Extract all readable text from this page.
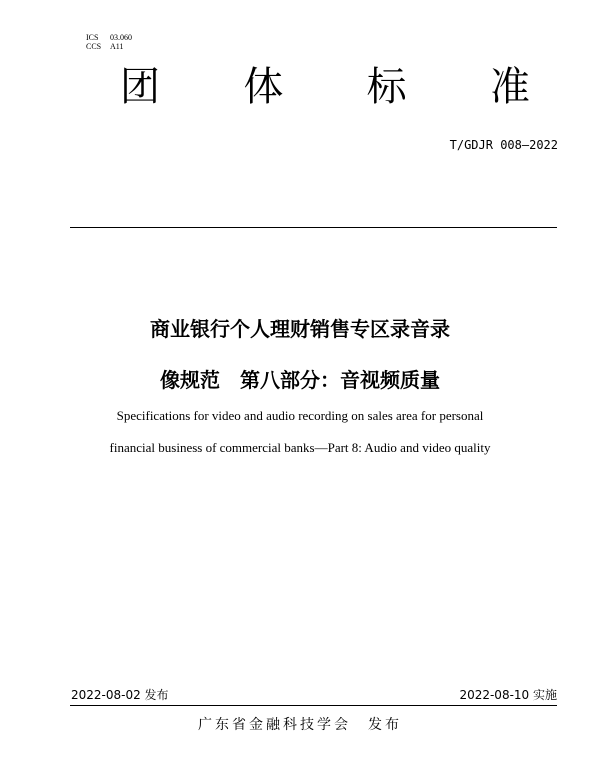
ICS	03.060
CCS	A11
团 体 标 准
T/GDJR 008—2022
商业银行个人理财销售专区录音录
像规范　第八部分：音视频质量
Specifications for video and audio recording on sales area for personal
financial business of commercial banks—Part 8: Audio and video quality
2022-08-02 发布	2022-08-10 实施
广东省金融科技学会　发布
